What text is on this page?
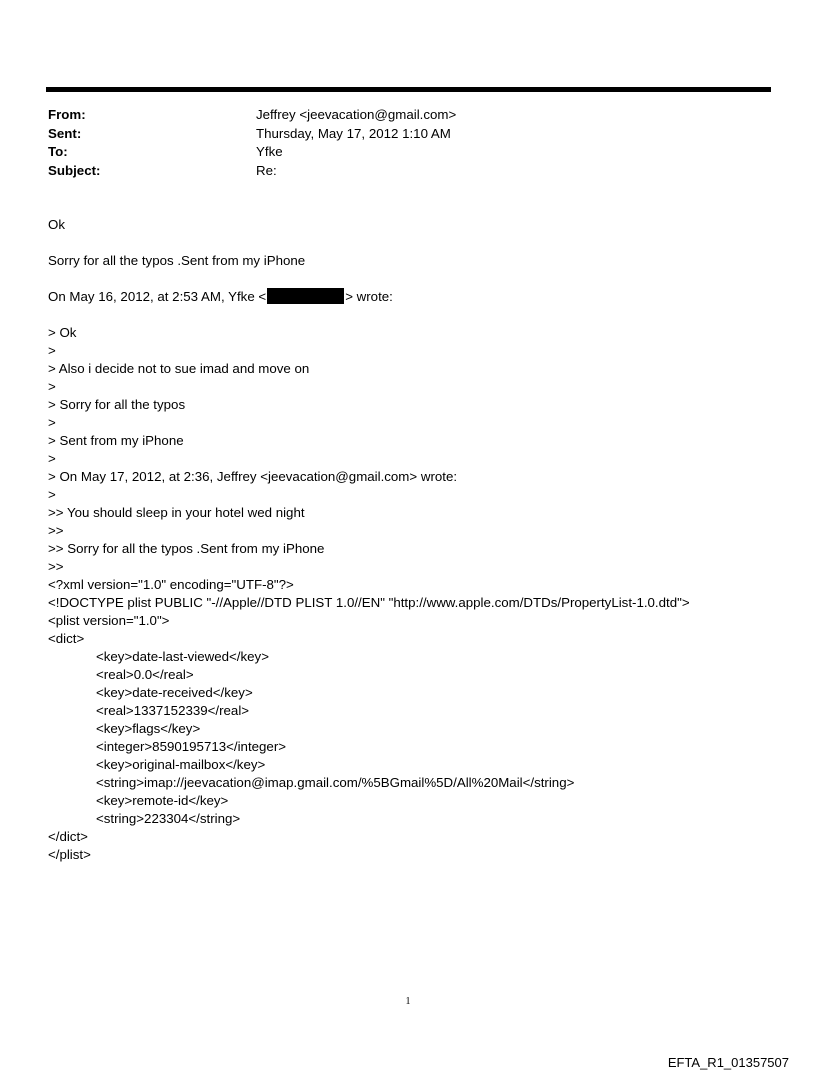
From:	Jeffrey <jeevacation@gmail.com>
Sent:	Thursday, May 17, 2012 1:10 AM
To:	Yfke
Subject:	Re:
Ok
Sorry for all the typos .Sent from my iPhone
On May 16, 2012, at 2:53 AM, Yfke <	> wrote:
> Ok
>
> Also i decide not to sue imad and move on
>
> Sorry for all the typos
>
> Sent from my iPhone
>
> On May 17, 2012, at 2:36, Jeffrey <jeevacation@gmail.com> wrote:
>
>> You should sleep in your hotel wed night
>>
>> Sorry for all the typos .Sent from my iPhone
>>
<?xml version="1.0" encoding="UTF-8"?>
<!DOCTYPE plist PUBLIC "-//Apple//DTD PLIST 1.0//EN" "http://www.apple.com/DTDs/PropertyList-1.0.dtd">
<plist version="1.0">
<dict>
<key>date-last-viewed</key>
<real>0.0</real>
<key>date-received</key>
<real>1337152339</real>
<key>flags</key>
<integer>8590195713</integer>
<key>original-mailbox</key>
<string>imap://jeevacation@imap.gmail.com/%5BGmail%5D/All%20Mail</string>
<key>remote-id</key>
<string>223304</string>
</dict>
</plist>
1
EFTA_R1_01357507
